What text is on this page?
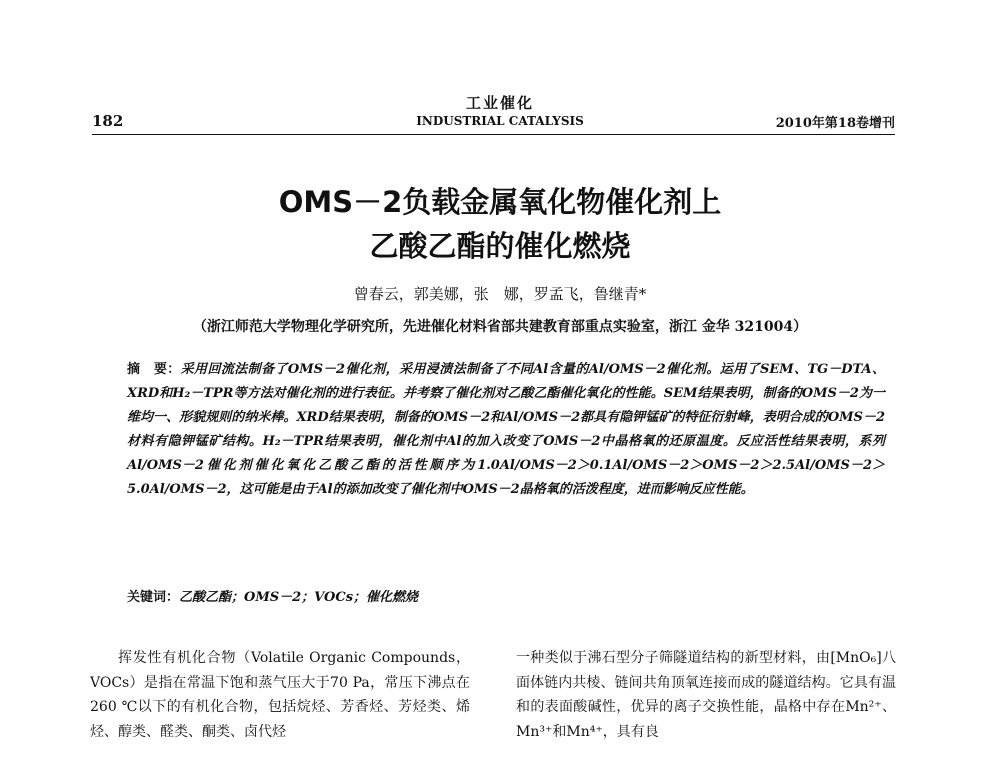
182
工业催化
INDUSTRIAL CATALYSIS	2010年第18卷增刊
OMS－2负载金属氧化物催化剂上
乙酸乙酯的催化燃烧
曾春云，郭美娜，张　娜，罗孟飞，鲁继青*
（浙江师范大学物理化学研究所，先进催化材料省部共建教育部重点实验室，浙江 金华 321004）
摘　要：采用回流法制备了OMS－2催化剂，采用浸渍法制备了不同Al含量的Al/OMS－2催化剂。运用了SEM、TG－DTA、XRD和H₂－TPR等方法对催化剂的进行表征。并考察了催化剂对乙酸乙酯催化氧化的性能。SEM结果表明，制备的OMS－2为一维均一、形貌规则的纳米棒。XRD结果表明，制备的OMS－2和Al/OMS－2都具有隐钾锰矿的特征衍射峰，表明合成的OMS－2材料有隐钾锰矿结构。H₂－TPR结果表明，催化剂中Al的加入改变了OMS－2中晶格氧的还原温度。反应活性结果表明，系列Al/OMS－2催化剂催化氧化乙酸乙酯的活性顺序为1.0Al/OMS－2＞0.1Al/OMS－2＞OMS－2＞2.5Al/OMS－2＞5.0Al/OMS－2，这可能是由于Al的添加改变了催化剂中OMS－2晶格氧的活泼程度，进而影响反应性能。
关键词：乙酸乙酯；OMS－2；VOCs；催化燃烧

挥发性有机化合物（Volatile Organic Compounds，VOCs）是指在常温下饱和蒸气压大于70 Pa，常压下沸点在260 ℃以下的有机化合物，包括烷烃、芳香烃、芳烃类、烯烃、醇类、醛类、酮类、卤代烃

一种类似于沸石型分子筛隧道结构的新型材料，由[MnO₆]八面体链内共棱、链间共角顶氧连接而成的隧道结构。它具有温和的表面酸碱性，优异的离子交换性能，晶格中存在Mn²⁺、Mn³⁺和Mn⁴⁺，具有良
